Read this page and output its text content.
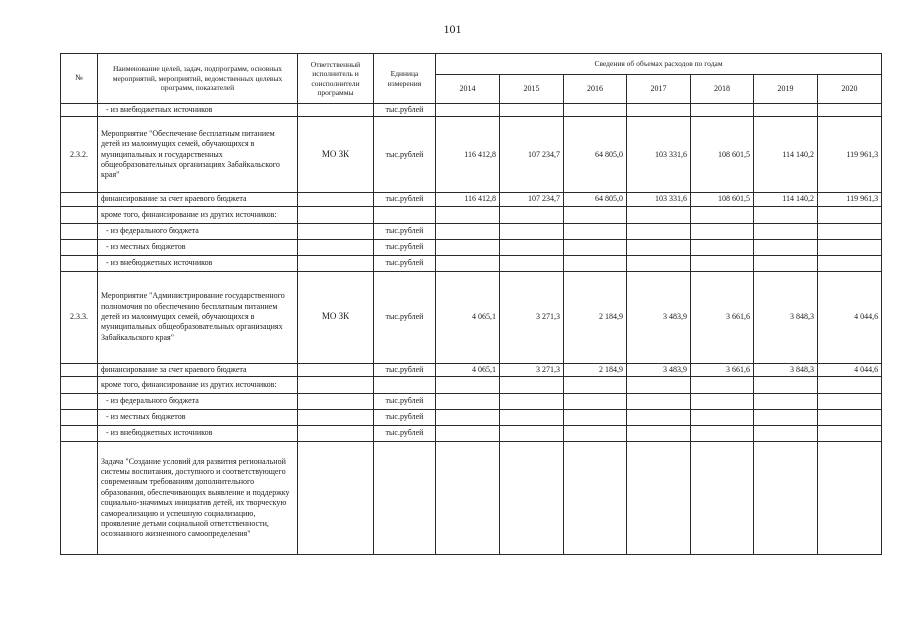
101
№	Наименование целей, задач, подпрограмм, основных мероприятий, мероприятий, ведомственных целевых программ, показателей	Ответственный исполнитель и соисполнители программы	Единица измерения	Сведения об объемах расходов по годам						
				2014	2015	2016	2017	2018	2019	2020
	- из внебюджетных источников		тыс.рублей							
2.3.2.	Мероприятие "Обеспечение бесплатным питанием детей из малоимущих семей, обучающихся в муниципальных и государственных общеобразовательных организациях Забайкальского края"	МО ЗК	тыс.рублей	116 412,8	107 234,7	64 805,0	103 331,6	108 601,5	114 140,2	119 961,3
	финансирование за счет краевого бюджета		тыс.рублей	116 412,8	107 234,7	64 805,0	103 331,6	108 601,5	114 140,2	119 961,3
	кроме того, финансирование из других источников:									
	- из федерального бюджета		тыс.рублей							
	- из местных бюджетов		тыс.рублей							
	- из внебюджетных источников		тыс.рублей							
2.3.3.	Мероприятие "Администрирование государственного полномочия по обеспечению бесплатным питанием детей из малоимущих семей, обучающихся в муниципальных общеобразовательных организациях Забайкальского края"	МО ЗК	тыс.рублей	4 065,1	3 271,3	2 184,9	3 483,9	3 661,6	3 848,3	4 044,6
	финансирование за счет краевого бюджета		тыс.рублей	4 065,1	3 271,3	2 184,9	3 483,9	3 661,6	3 848,3	4 044,6
	кроме того, финансирование из других источников:									
	- из федерального бюджета		тыс.рублей							
	- из местных бюджетов		тыс.рублей							
	- из внебюджетных источников		тыс.рублей							
	Задача "Создание условий для развития региональной системы воспитания, доступного и соответствующего современным требованиям дополнительного образования, обеспечивающих выявление и поддержку социально-значимых инициатив детей, их творческую самореализацию и успешную социализацию, проявление детьми социальной ответственности, осознанного жизненного самоопределения"									
